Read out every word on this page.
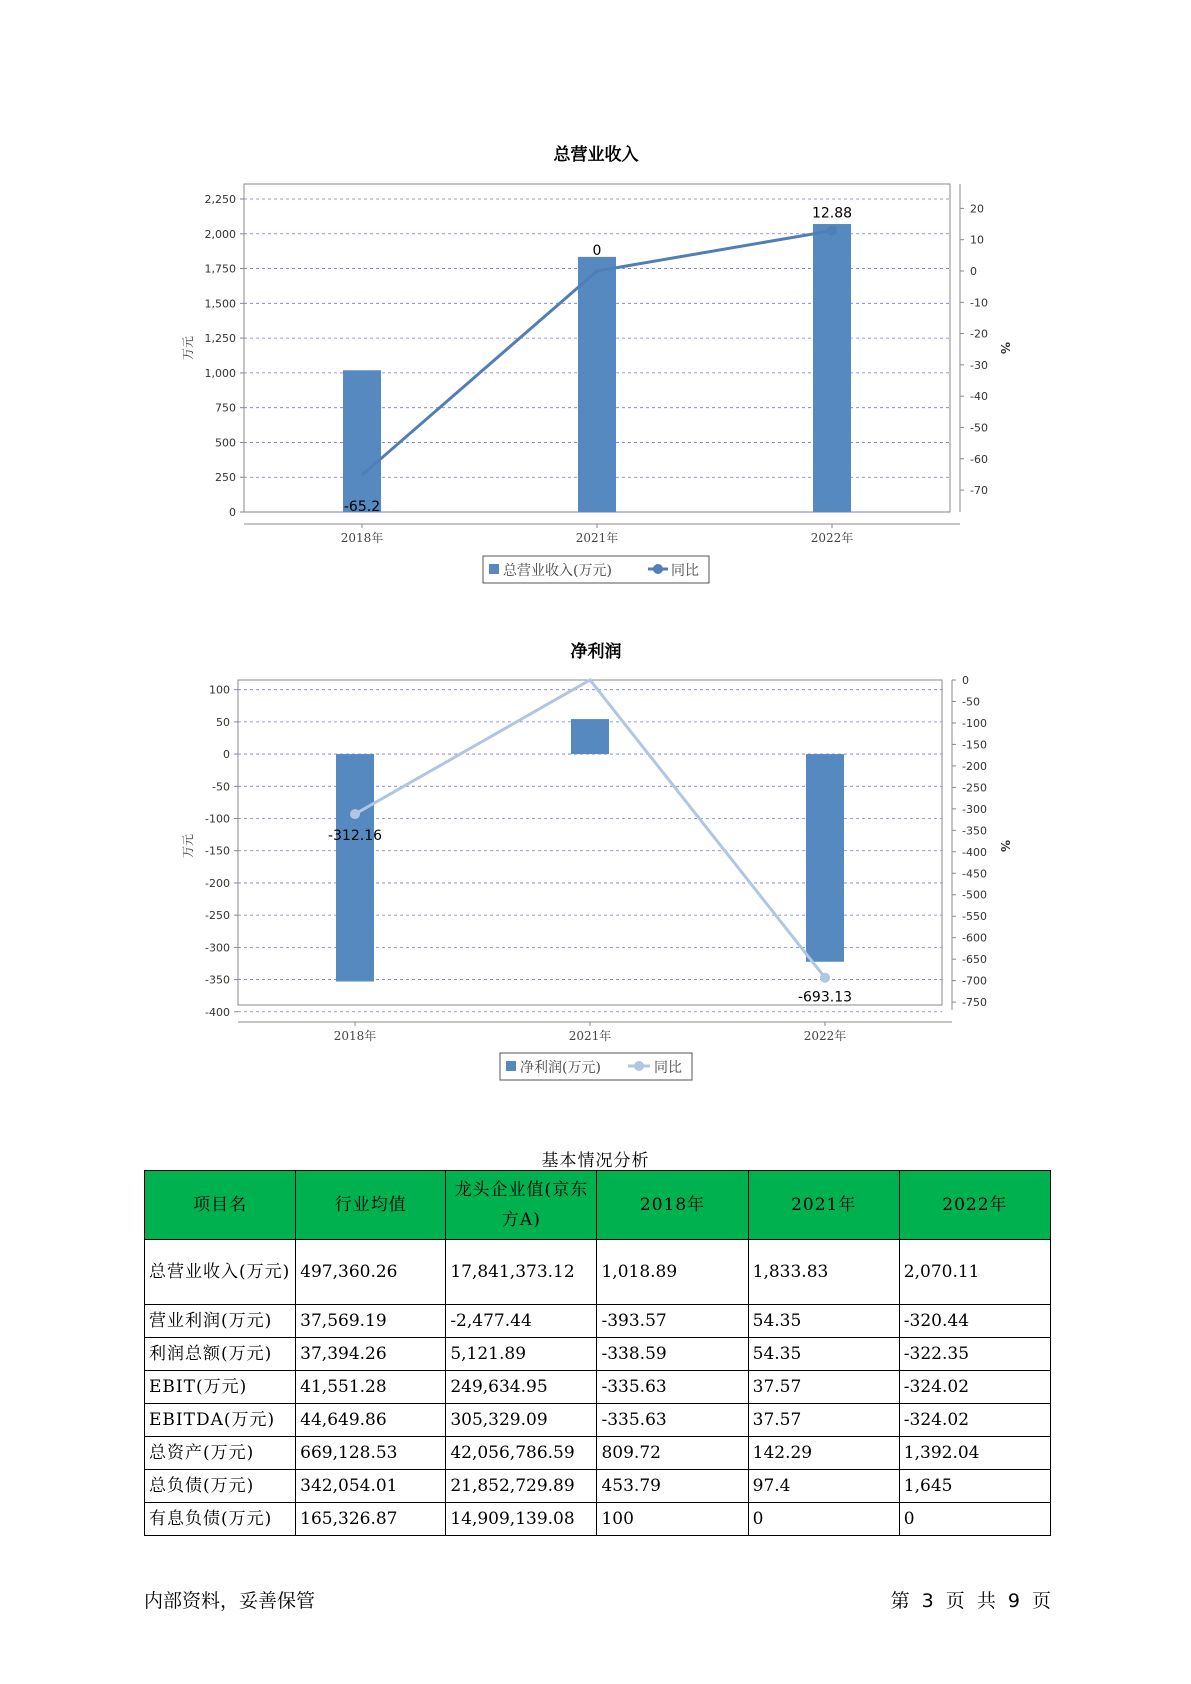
总营业收入
万元	%
2,250
2,000
1,750
1,500
1,250
1,000
750
500
250
0
20
10
0
-10
-20
-30
-40
-50
-60
-70
2018年	2021年	2022年
-65.2
0
12.88
总营业收入(万元)	同比
净利润
万元	%
100
50
0
-50
-100
-150
-200
-250
-300
-350
-400
0
-50
-100
-150
-200
-250
-300
-350
-400
-450
-500
-550
-600
-650
-700
-750
2018年	2021年	2022年
-312.16
-693.13
净利润(万元)	同比
基本情况分析
项目名	行业均值	龙头企业值(京东方A)	2018年	2021年	2022年
总营业收入(万元)	497,360.26	17,841,373.12	1,018.89	1,833.83	2,070.11
营业利润(万元)	37,569.19	-2,477.44	-393.57	54.35	-320.44
利润总额(万元)	37,394.26	5,121.89	-338.59	54.35	-322.35
EBIT(万元)	41,551.28	249,634.95	-335.63	37.57	-324.02
EBITDA(万元)	44,649.86	305,329.09	-335.63	37.57	-324.02
总资产(万元)	669,128.53	42,056,786.59	809.72	142.29	1,392.04
总负债(万元)	342,054.01	21,852,729.89	453.79	97.4	1,645
有息负债(万元)	165,326.87	14,909,139.08	100	0	0
内部资料，妥善保管	第 3 页 共 9 页
